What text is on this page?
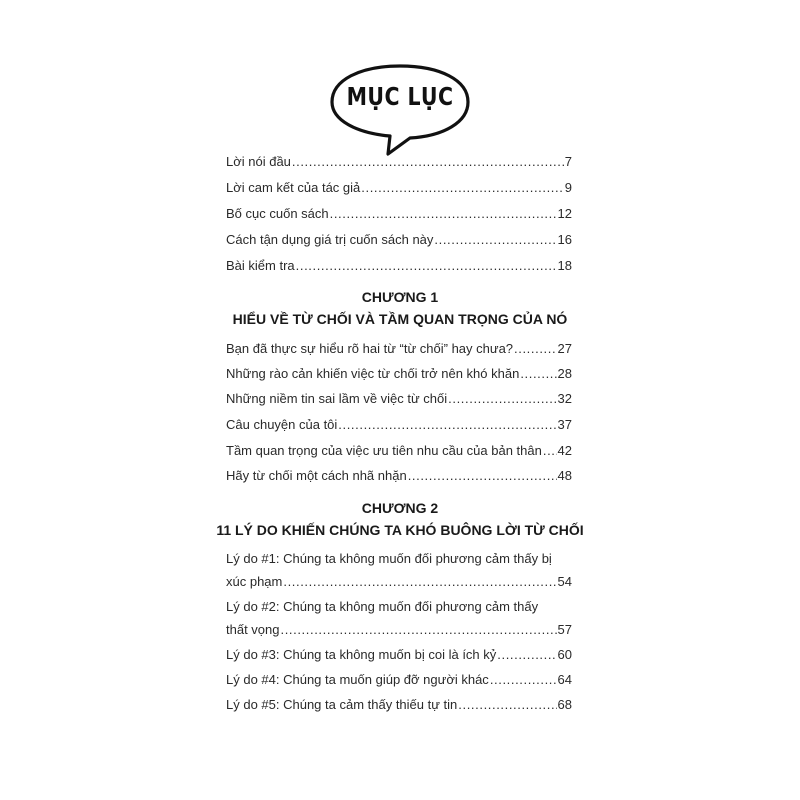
MỤC LỤC
Lời nói đầu .....	7
Lời cam kết của tác giả .....	9
Bố cục cuốn sách .....	12
Cách tận dụng giá trị cuốn sách này .....	16
Bài kiểm tra .....	18
CHƯƠNG 1
HIỂU VỀ TỪ CHỐI VÀ TẦM QUAN TRỌNG CỦA NÓ
Bạn đã thực sự hiểu rõ hai từ “từ chối” hay chưa? .....	27
Những rào cản khiến việc từ chối trở nên khó khăn .....	28
Những niềm tin sai lầm về việc từ chối .....	32
Câu chuyện của tôi .....	37
Tầm quan trọng của việc ưu tiên nhu cầu của bản thân ..... 42
Hãy từ chối một cách nhã nhặn .....	48
CHƯƠNG 2
11 LÝ DO KHIẾN CHÚNG TA KHÓ BUÔNG LỜI TỪ CHỐI
Lý do #1: Chúng ta không muốn đối phương cảm thấy bị
xúc phạm .....	54
Lý do #2: Chúng ta không muốn đối phương cảm thấy
thất vọng .....	57
Lý do #3: Chúng ta không muốn bị coi là ích kỷ .....	60
Lý do #4: Chúng ta muốn giúp đỡ người khác .....	64
Lý do #5: Chúng ta cảm thấy thiếu tự tin .....	68
